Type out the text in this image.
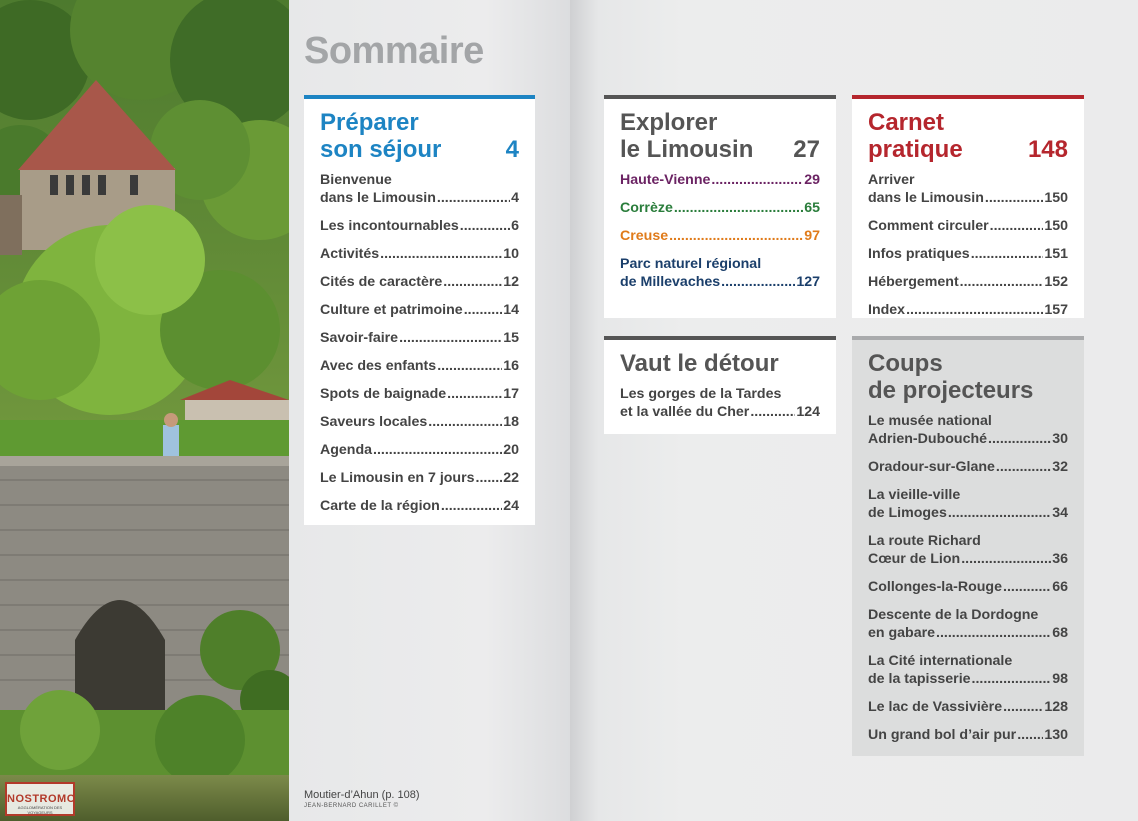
NOSTROMO
AGGLOMÉRATION DES VOYAGEURS
Sommaire
Préparer
son séjour	4
Bienvenue
dans le Limousin .....	4
Les incontournables .....	6
Activités .....	10
Cités de caractère .....	12
Culture et patrimoine .....	14
Savoir-faire .....	15
Avec des enfants .....	16
Spots de baignade .....	17
Saveurs locales .....	18
Agenda .....	20
Le Limousin en 7 jours ..... 22
Carte de la région .....	24
Explorer
le Limousin 27
Haute-Vienne .....	29
Corrèze .....	65
Creuse .....	97
Parc naturel régional
de Millevaches .....	127
Carnet
pratique	148
Arriver
dans le Limousin .....	150
Comment circuler .....	150
Infos pratiques .....	151
Hébergement .....	152
Index .....	157
Vaut le détour
Les gorges de la Tardes
et la vallée du Cher .....	124
Coups
de projecteurs
Le musée national
Adrien-Dubouché .....	30
Oradour-sur-Glane .....	32
La vieille-ville
de Limoges .....	34
La route Richard
Cœur de Lion .....	36
Collonges-la-Rouge .....	66
Descente de la Dordogne
en gabare .....	68
La Cité internationale
de la tapisserie .....	98
Le lac de Vassivière .....	128
Un grand bol d’air pur ..... 130
Moutier-d’Ahun (p. 108)
JEAN-BERNARD CARILLET ©
